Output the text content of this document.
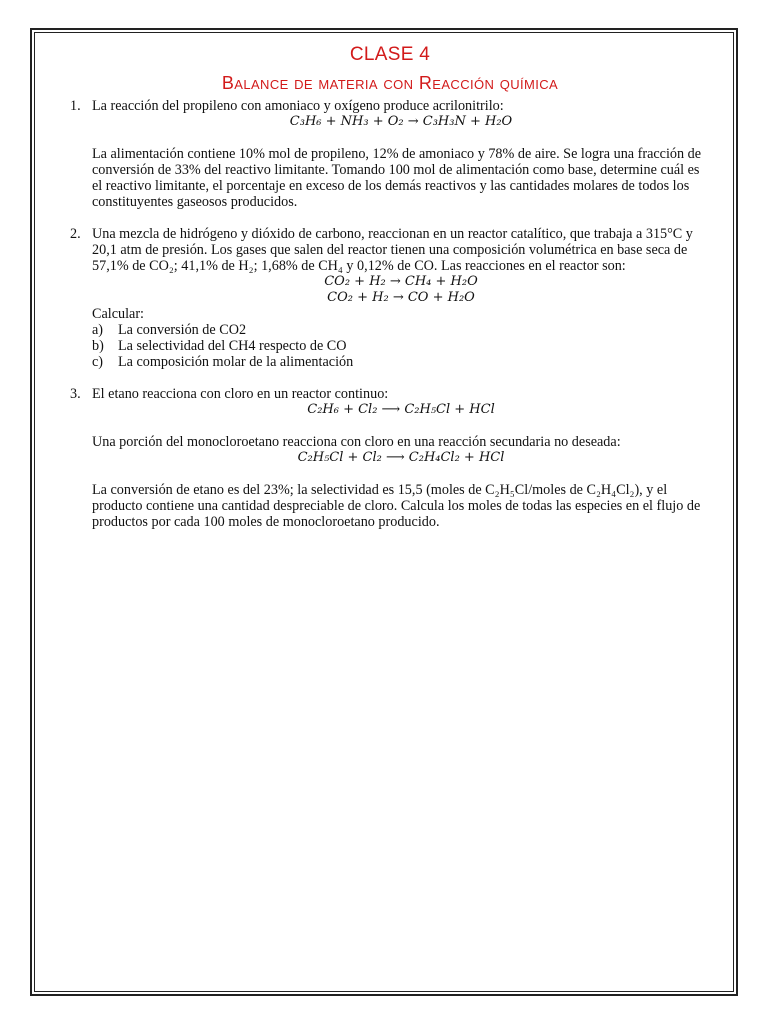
CLASE 4
Balance de materia con Reacción química
1. La reacción del propileno con amoniaco y oxígeno produce acrilonitrilo:

C₃H₆ + NH₃ + O₂ → C₃H₃N + H₂O

La alimentación contiene 10% mol de propileno, 12% de amoniaco y 78% de aire. Se logra una fracción de conversión de 33% del reactivo limitante. Tomando 100 mol de alimentación como base, determine cuál es el reactivo limitante, el porcentaje en exceso de los demás reactivos y las cantidades molares de todos los constituyentes gaseosos producidos.

2. Una mezcla de hidrógeno y dióxido de carbono, reaccionan en un reactor catalítico, que trabaja a 315°C y 20,1 atm de presión. Los gases que salen del reactor tienen una composición volumétrica en base seca de 57,1% de CO₂; 41,1% de H₂; 1,68% de CH₄ y 0,12% de CO. Las reacciones en el reactor son:

CO₂ + H₂ → CH₄ + H₂O
CO₂ + H₂ → CO + H₂O

Calcular:

a) La conversión de CO2
b) La selectividad del CH4 respecto de CO
c) La composición molar de la alimentación
3. El etano reacciona con cloro en un reactor continuo:

C₂H₆ + Cl₂ ⟶ C₂H₅Cl + HCl

Una porción del monocloroetano reacciona con cloro en una reacción secundaria no deseada:

C₂H₅Cl + Cl₂ ⟶ C₂H₄Cl₂ + HCl

La conversión de etano es del 23%; la selectividad es 15,5 (moles de C₂H₅Cl/moles de C₂H₄Cl₂), y el producto contiene una cantidad despreciable de cloro. Calcula los moles de todas las especies en el flujo de productos por cada 100 moles de monocloroetano producido.
